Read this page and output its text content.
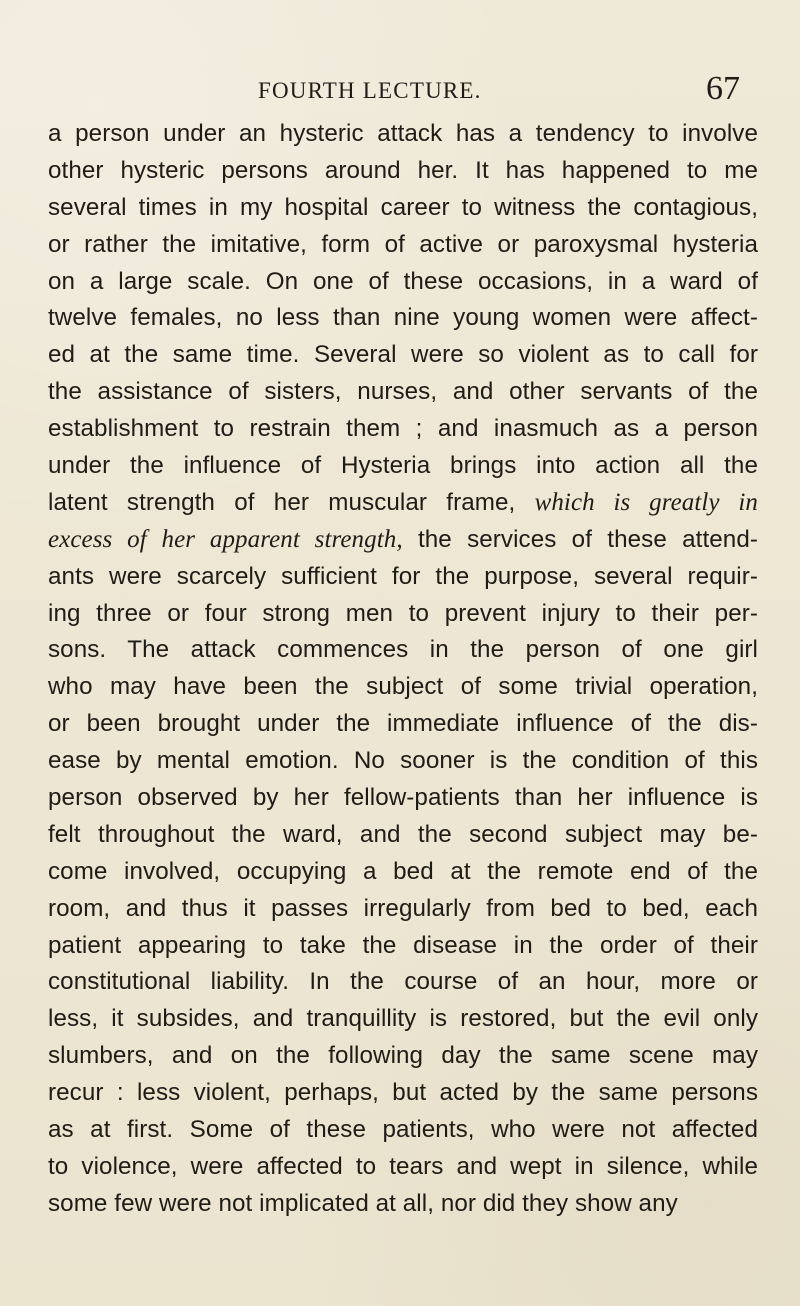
FOURTH LECTURE.	67
a person under an hysteric attack has a tendency to involve
other hysteric persons around her. It has happened to me
several times in my hospital career to witness the contagious,
or rather the imitative, form of active or paroxysmal hysteria
on a large scale. On one of these occasions, in a ward of
twelve females, no less than nine young women were affect-
ed at the same time. Several were so violent as to call for
the assistance of sisters, nurses, and other servants of the
establishment to restrain them ; and inasmuch as a person
under the influence of Hysteria brings into action all the
latent strength of her muscular frame, which is greatly in
excess of her apparent strength, the services of these attend-
ants were scarcely sufficient for the purpose, several requir-
ing three or four strong men to prevent injury to their per-
sons. The attack commences in the person of one girl
who may have been the subject of some trivial operation,
or been brought under the immediate influence of the dis-
ease by mental emotion. No sooner is the condition of this
person observed by her fellow-patients than her influence is
felt throughout the ward, and the second subject may be-
come involved, occupying a bed at the remote end of the
room, and thus it passes irregularly from bed to bed, each
patient appearing to take the disease in the order of their
constitutional liability. In the course of an hour, more or
less, it subsides, and tranquillity is restored, but the evil only
slumbers, and on the following day the same scene may
recur : less violent, perhaps, but acted by the same persons
as at first. Some of these patients, who were not affected
to violence, were affected to tears and wept in silence, while
some few were not implicated at all, nor did they show any
